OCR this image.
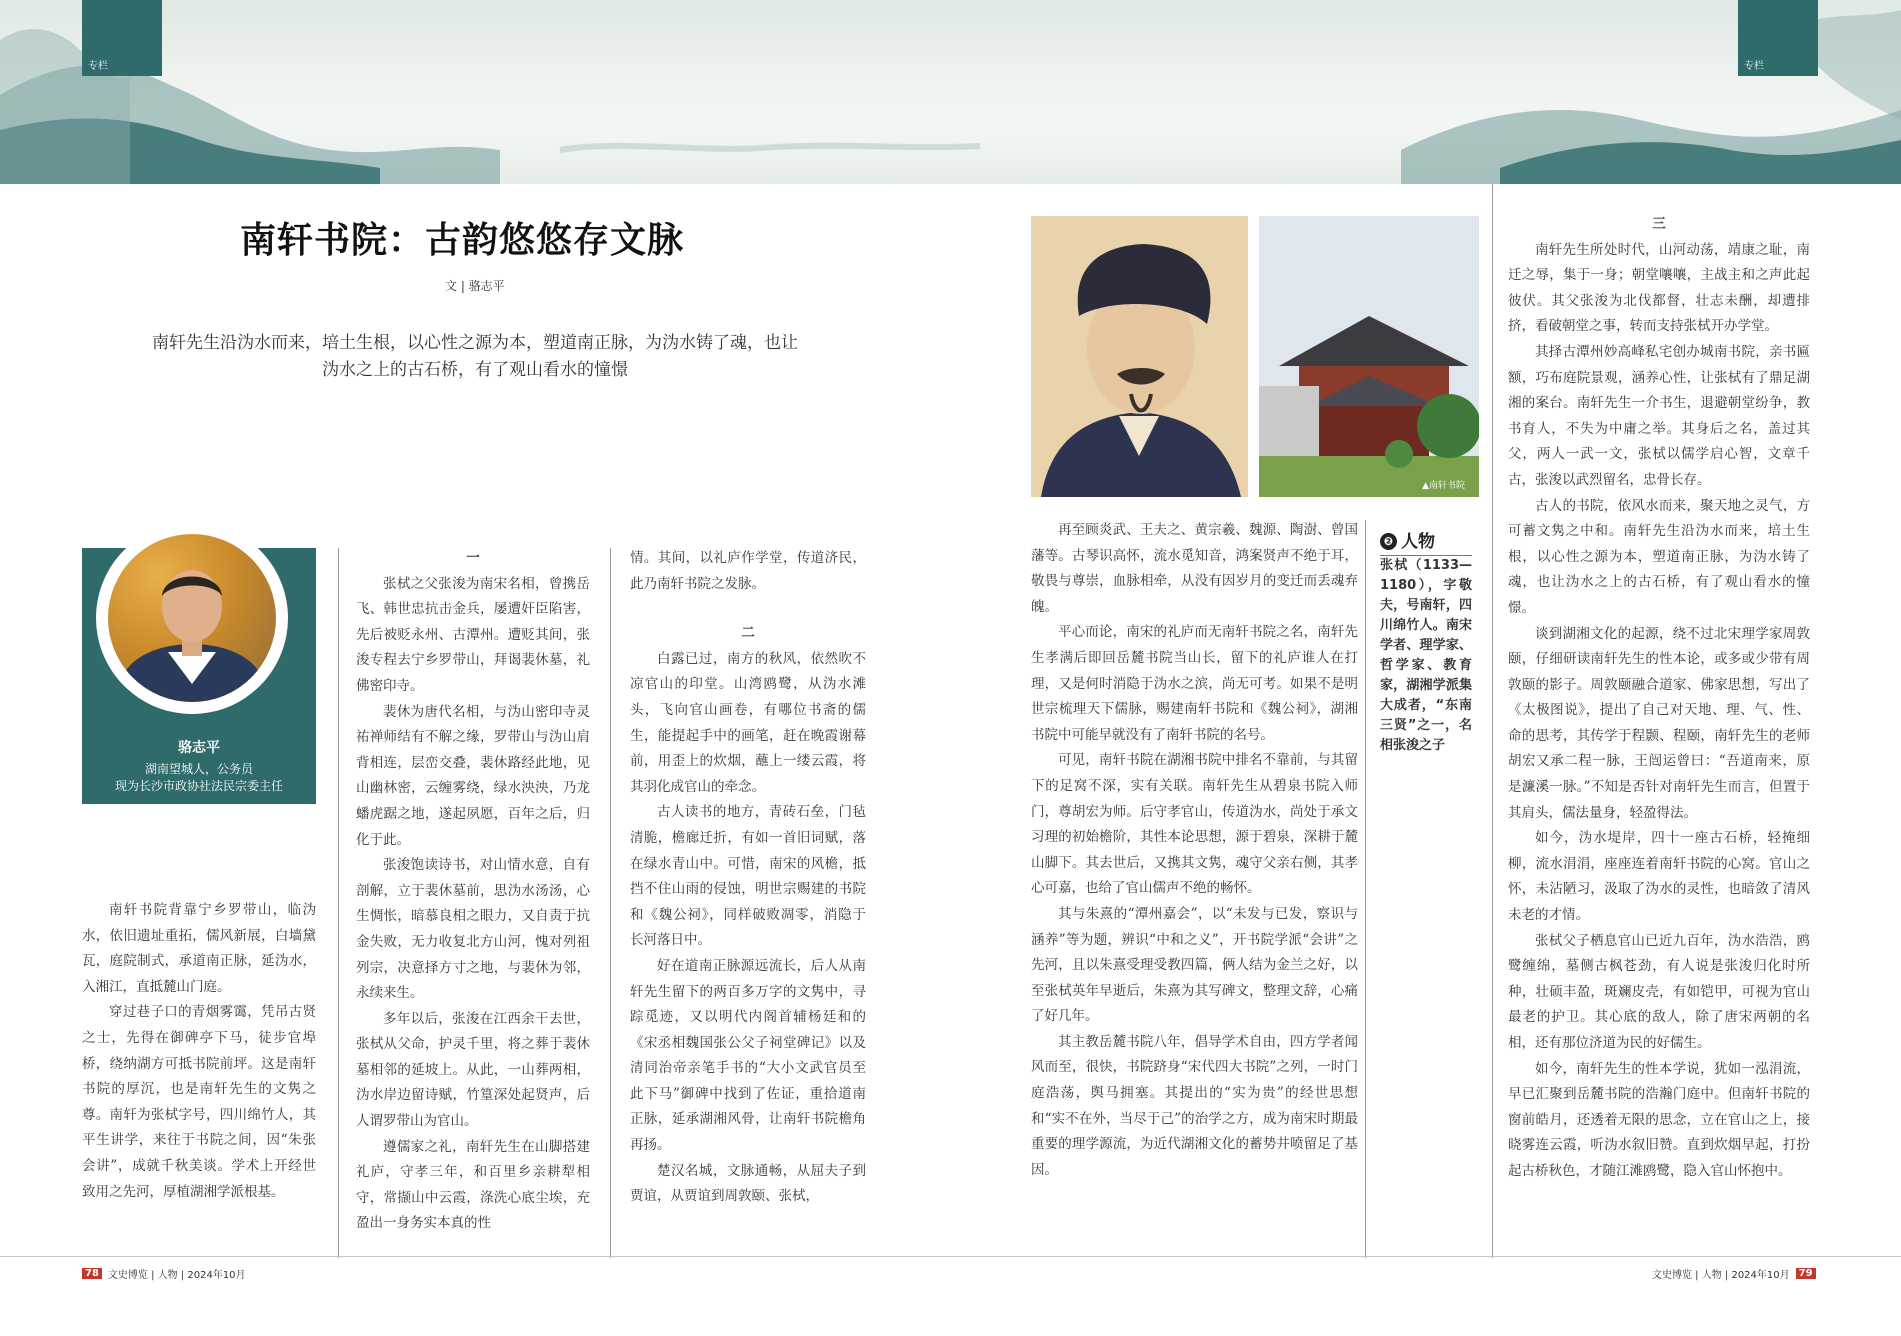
专栏	专栏
南轩书院：古韵悠悠存文脉
文 | 骆志平

南轩先生沿沩水而来，培土生根，以心性之源为本，塑道南正脉，为沩水铸了魂，也让

沩水之上的古石桥，有了观山看水的憧憬

骆志平
湖南望城人，公务员
现为长沙市政协社法民宗委主任

南轩书院背靠宁乡罗带山，临沩水，依旧遗址重拓，儒风新展，白墙黛瓦，庭院制式，承道南正脉，延沩水，入湘江，直抵麓山门庭。

穿过巷子口的青烟雾霭，凭吊古贤之士，先得在御碑亭下马，徒步官埠桥，绕纳湖方可抵书院前坪。这是南轩书院的厚沉，也是南轩先生的文隽之尊。南轩为张栻字号，四川绵竹人，其平生讲学，来往于书院之间，因“朱张会讲”，成就千秋美谈。学术上开经世致用之先河，厚植湖湘学派根基。

一

张栻之父张浚为南宋名相，曾携岳飞、韩世忠抗击金兵，屡遭奸臣陷害，先后被贬永州、古潭州。遭贬其间，张浚专程去宁乡罗带山，拜谒裴休墓，礼佛密印寺。

裴休为唐代名相，与沩山密印寺灵祐禅师结有不解之缘，罗带山与沩山肩背相连，层峦交叠，裴休路经此地，见山幽林密，云缠雾绕，绿水泱泱，乃龙蟠虎踞之地，遂起夙愿，百年之后，归化于此。

张浚饱读诗书，对山情水意，自有剖解，立于裴休墓前，思沩水汤汤，心生惆怅，暗慕良相之眼力，又自责于抗金失败，无力收复北方山河，愧对列祖列宗，决意择方寸之地，与裴休为邻，永续来生。

多年以后，张浚在江西余干去世，张栻从父命，护灵千里，将之葬于裴休墓相邻的延坡上。从此，一山葬两相，沩水岸边留诗赋，竹篁深处起贤声，后人谓罗带山为官山。

遵儒家之礼，南轩先生在山脚搭建礼庐，守孝三年，和百里乡亲耕犁相守，常撷山中云霞，涤洗心底尘埃，充盈出一身务实本真的性

情。其间，以礼庐作学堂，传道济民，此乃南轩书院之发脉。

二

白露已过，南方的秋风，依然吹不凉官山的印堂。山湾鸥鹭，从沩水滩头，飞向官山画卷，有哪位书斋的儒生，能提起手中的画笔，赶在晚霞谢幕前，用歪上的炊烟，蘸上一缕云霞，将其羽化成官山的牵念。

古人读书的地方，青砖石垒，门毡清脆，檐廊迁折，有如一首旧词赋，落在绿水青山中。可惜，南宋的风檐，抵挡不住山雨的侵蚀，明世宗赐建的书院和《魏公祠》，同样破败凋零，消隐于长河落日中。

好在道南正脉源远流长，后人从南轩先生留下的两百多万字的文隽中，寻踪觅迹，又以明代内阁首辅杨廷和的《宋丞相魏国张公父子祠堂碑记》以及清同治帝亲笔手书的“大小文武官员至此下马”御碑中找到了佐证，重拾道南正脉，延承湖湘风骨，让南轩书院檐角再扬。

楚汉名城，文脉通畅，从屈夫子到贾谊，从贾谊到周敦颐、张栻，

▲南轩书院

再至顾炎武、王夫之、黄宗羲、魏源、陶澍、曾国藩等。古琴识高怀，流水觅知音，鸿案贤声不绝于耳，敬畏与尊崇，血脉相牵，从没有因岁月的变迁而丢魂弃魄。

平心而论，南宋的礼庐而无南轩书院之名，南轩先生孝满后即回岳麓书院当山长，留下的礼庐谁人在打理，又是何时消隐于沩水之滨，尚无可考。如果不是明世宗梳理天下儒脉，赐建南轩书院和《魏公祠》，湖湘书院中可能早就没有了南轩书院的名号。

可见，南轩书院在湖湘书院中排名不靠前，与其留下的足窝不深，实有关联。南轩先生从碧泉书院入师门，尊胡宏为师。后守孝官山，传道沩水，尚处于承文习理的初始檐阶，其性本论思想，源于碧泉，深耕于麓山脚下。其去世后，又携其文隽，魂守父亲右侧，其孝心可嘉，也给了官山儒声不绝的畅怀。

其与朱熹的“潭州嘉会”，以“未发与已发，察识与涵养”等为题，辨识“中和之义”，开书院学派“会讲”之先河，且以朱熹受理受教四篇，俩人结为金兰之好，以至张栻英年早逝后，朱熹为其写碑文，整理文辞，心痛了好几年。

其主教岳麓书院八年，倡导学术自由，四方学者闻风而至，很快，书院跻身“宋代四大书院”之列，一时门庭浩荡，舆马拥塞。其提出的“实为贵”的经世思想和“实不在外，当尽于己”的治学之方，成为南宋时期最重要的理学源流，为近代湖湘文化的蓄势井喷留足了基因。

❷ 人物
张栻（1133—1180），字敬夫，号南轩，四川绵竹人。南宋学者、理学家、哲学家、教育家，湖湘学派集大成者，“东南三贤”之一，名相张浚之子

三

南轩先生所处时代，山河动荡，靖康之耻，南迁之辱，集于一身；朝堂嚷嚷，主战主和之声此起彼伏。其父张浚为北伐都督，壮志未酬，却遭排挤，看破朝堂之事，转而支持张栻开办学堂。

其择古潭州妙高峰私宅创办城南书院，亲书匾额，巧布庭院景观，涵养心性，让张栻有了鼎足湖湘的案台。南轩先生一介书生，退避朝堂纷争，教书育人，不失为中庸之举。其身后之名，盖过其父，两人一武一文，张栻以儒学启心智，文章千古，张浚以武烈留名，忠骨长存。

古人的书院，依风水而来，聚天地之灵气，方可蓄文隽之中和。南轩先生沿沩水而来，培土生根，以心性之源为本，塑道南正脉，为沩水铸了魂，也让沩水之上的古石桥，有了观山看水的憧憬。

谈到湖湘文化的起源，绕不过北宋理学家周敦颐，仔细研读南轩先生的性本论，或多或少带有周敦颐的影子。周敦颐融合道家、佛家思想，写出了《太极图说》，提出了自己对天地、理、气、性、命的思考，其传学于程颢、程颐，南轩先生的老师胡宏又承二程一脉，王闿运曾曰：“吾道南来，原是濂溪一脉。”不知是否针对南轩先生而言，但置于其肩头，儒法量身，轻盈得法。

如今，沩水堤岸，四十一座古石桥，轻掩细柳，流水涓涓，座座连着南轩书院的心窝。官山之怀，未沾陋习，汲取了沩水的灵性，也暗敛了清风未老的才情。

张栻父子栖息官山已近九百年，沩水浩浩，鸥鹭缠绵，墓侧古枫苍劲，有人说是张浚归化时所种，壮硕丰盈，斑斓皮壳，有如铠甲，可视为官山最老的护卫。其心底的敌人，除了唐宋两朝的名相，还有那位济道为民的好儒生。

如今，南轩先生的性本学说，犹如一泓涓流，早已汇聚到岳麓书院的浩瀚门庭中。但南轩书院的窗前皓月，还透着无限的思念，立在官山之上，接晓雾连云霞，听沩水叙旧赞。直到炊烟早起，打扮起古桥秋色，才随江滩鸥鹭，隐入官山怀抱中。

78 文史博览 | 人物 | 2024年10月	文史博览 | 人物 | 2024年10月 79
